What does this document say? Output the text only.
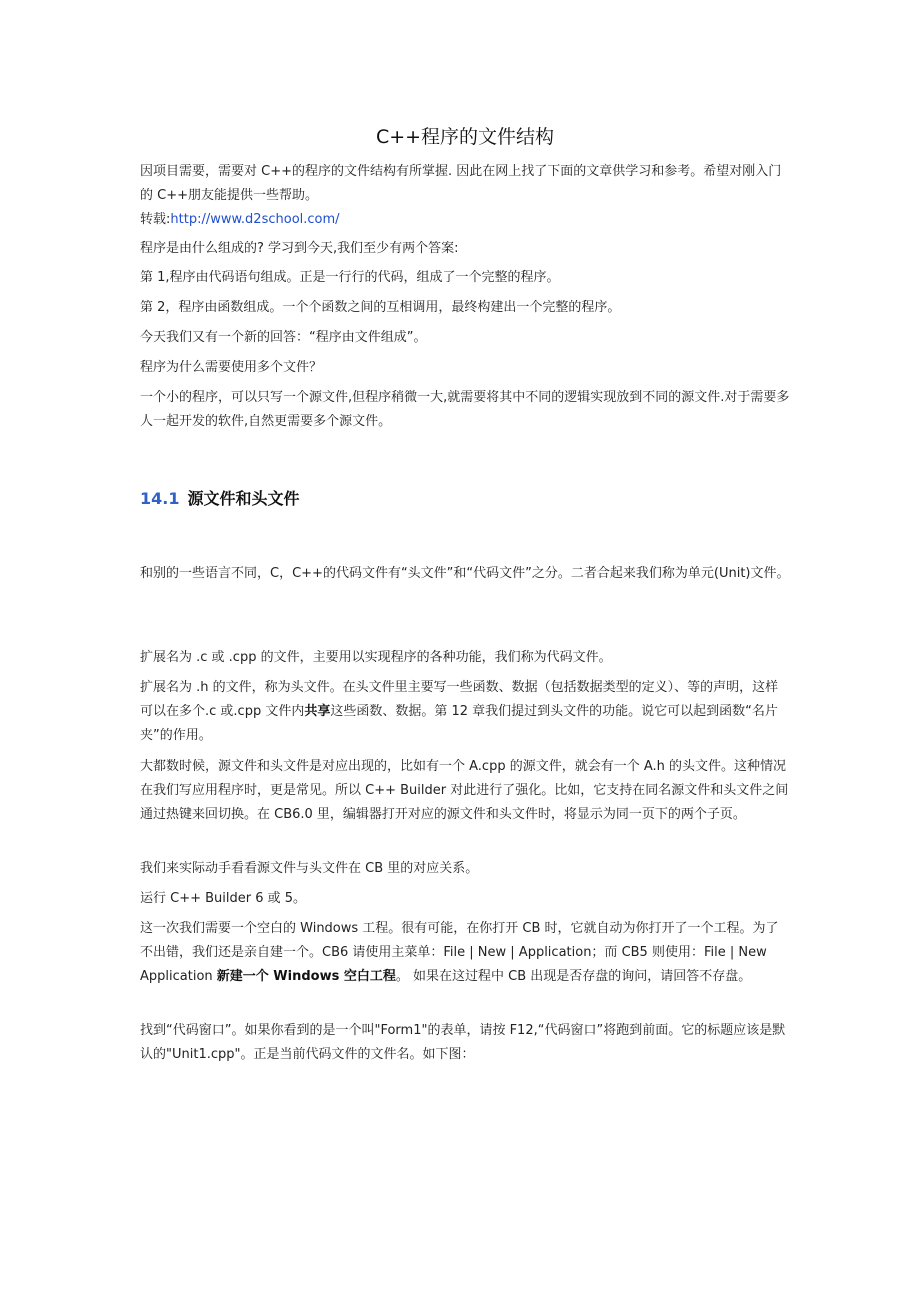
C++程序的文件结构

因项目需要，需要对 C++的程序的文件结构有所掌握. 因此在网上找了下面的文章供学习和参考。希望对刚入门的 C++朋友能提供一些帮助。
转载:http://www.d2school.com/

程序是由什么组成的? 学习到今天,我们至少有两个答案:

第 1,程序由代码语句组成。正是一行行的代码，组成了一个完整的程序。

第 2，程序由函数组成。一个个函数之间的互相调用，最终构建出一个完整的程序。

今天我们又有一个新的回答：“程序由文件组成”。

程序为什么需要使用多个文件？

一个小的程序，可以只写一个源文件,但程序稍微一大,就需要将其中不同的逻辑实现放到不同的源文件.对于需要多人一起开发的软件,自然更需要多个源文件。

14.1 源文件和头文件

和别的一些语言不同，C，C++的代码文件有“头文件”和“代码文件”之分。二者合起来我们称为单元(Unit)文件。

扩展名为 .c 或 .cpp 的文件，主要用以实现程序的各种功能，我们称为代码文件。

扩展名为 .h 的文件，称为头文件。在头文件里主要写一些函数、数据（包括数据类型的定义）、等的声明，这样可以在多个.c 或.cpp 文件内共享这些函数、数据。第 12 章我们提过到头文件的功能。说它可以起到函数“名片夹”的作用。

大都数时候，源文件和头文件是对应出现的，比如有一个 A.cpp 的源文件，就会有一个 A.h 的头文件。这种情况在我们写应用程序时，更是常见。所以 C++ Builder 对此进行了强化。比如，它支持在同名源文件和头文件之间通过热键来回切换。在 CB6.0 里，编辑器打开对应的源文件和头文件时，将显示为同一页下的两个子页。

我们来实际动手看看源文件与头文件在 CB 里的对应关系。

运行 C++ Builder 6 或 5。

这一次我们需要一个空白的 Windows 工程。很有可能，在你打开 CB 时，它就自动为你打开了一个工程。为了不出错，我们还是亲自建一个。CB6 请使用主菜单：File | New | Application；而 CB5 则使用：File | New Application 新建一个 Windows 空白工程。 如果在这过程中 CB 出现是否存盘的询问，请回答不存盘。

找到“代码窗口”。如果你看到的是一个叫"Form1"的表单，请按 F12,“代码窗口”将跑到前面。它的标题应该是默认的"Unit1.cpp"。正是当前代码文件的文件名。如下图：
